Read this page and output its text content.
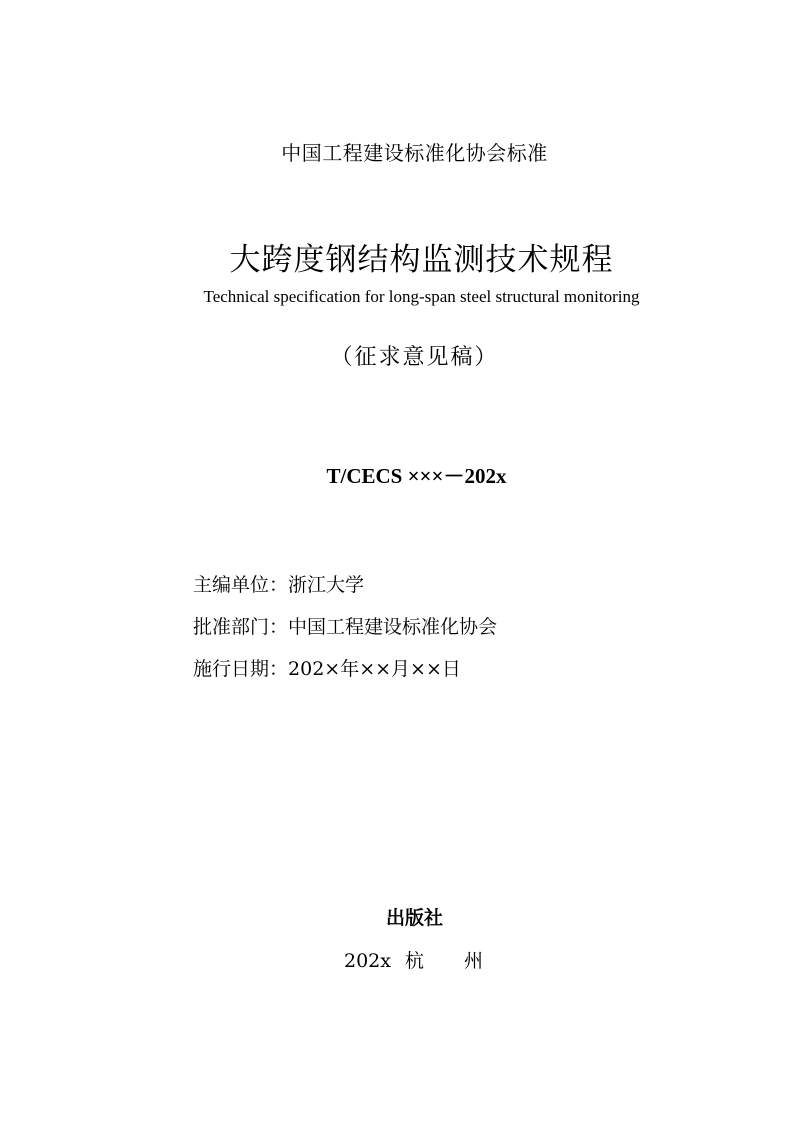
中国工程建设标准化协会标准
大跨度钢结构监测技术规程
Technical specification for long-span steel structural monitoring
（征求意见稿）
T/CECS ×××－202x
主编单位：浙江大学
批准部门：中国工程建设标准化协会
施行日期：202×年××月××日
出版社
202x 杭 州
